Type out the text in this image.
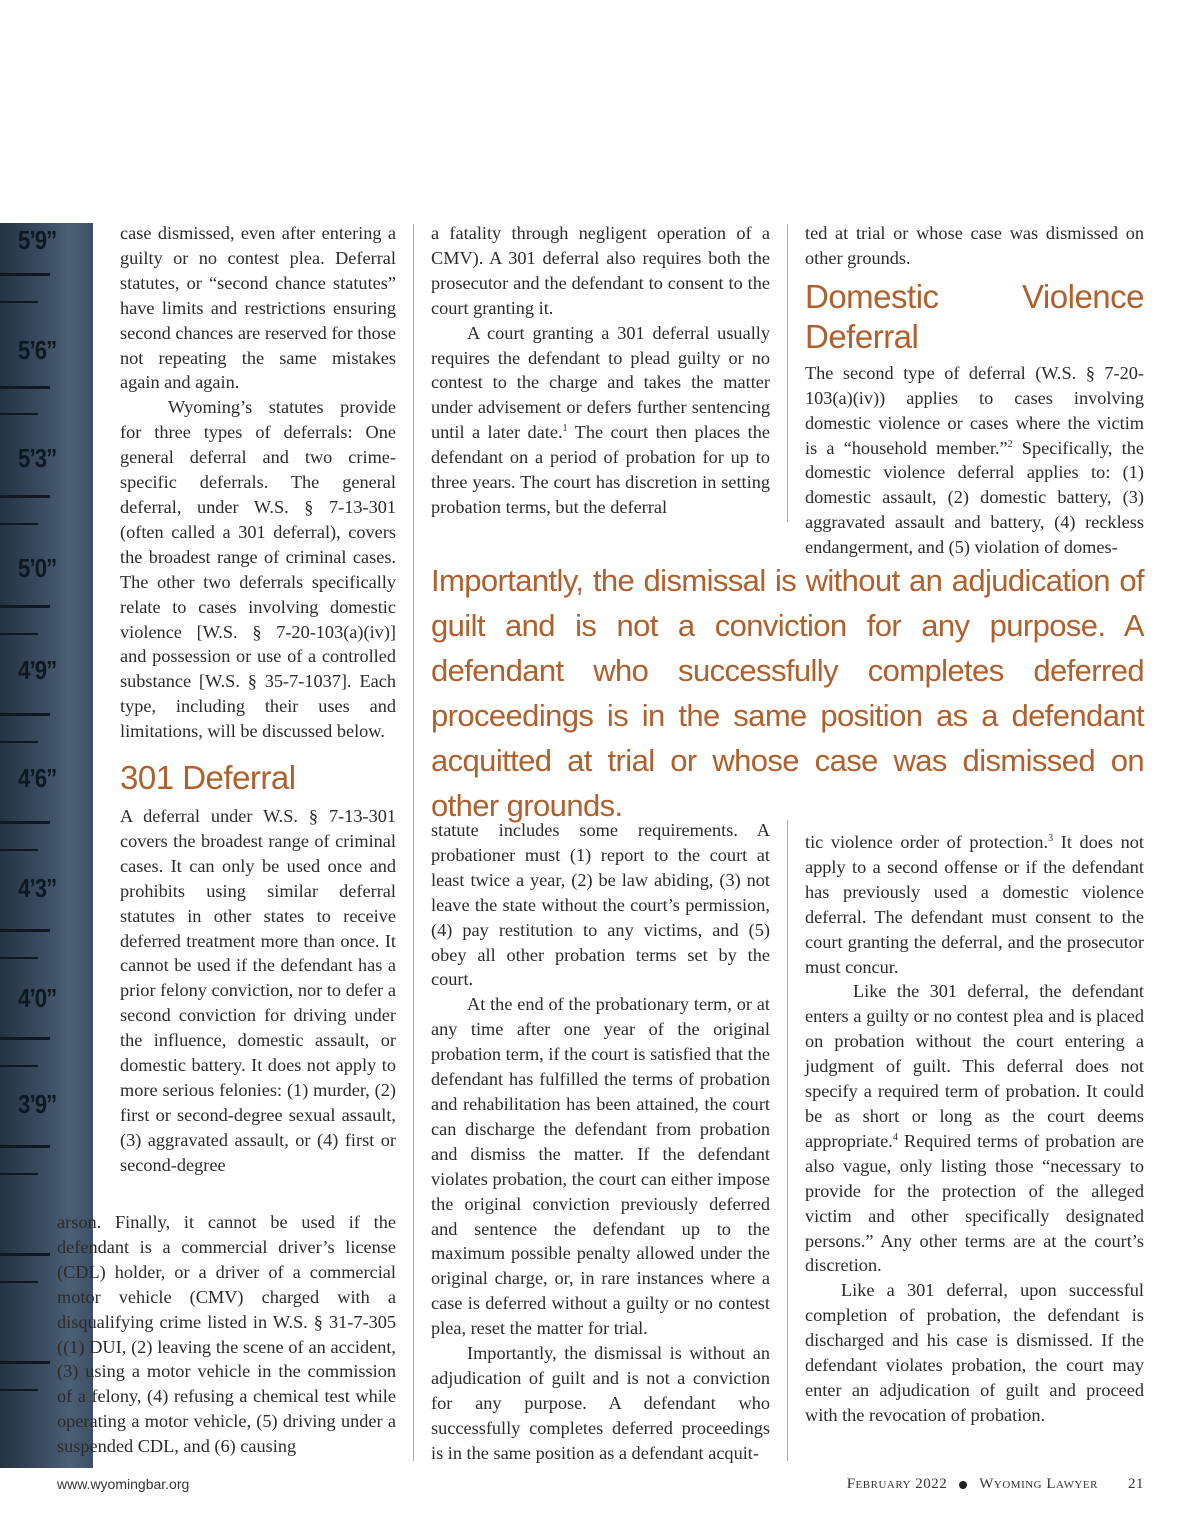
5’9”
5’6”
5’3”
5’0”
4’9”
4’6”
4’3”
4’0”
3’9”

case dismissed, even after entering a guilty or no contest plea. Deferral statutes, or “second chance statutes” have limits and restrictions ensuring second chances are reserved for those not repeating the same mistakes again and again.

Wyoming’s statutes provide for three types of deferrals: One general deferral and two crime-specific deferrals. The general deferral, under W.S. § 7-13-301 (often called a 301 deferral), covers the broadest range of criminal cases. The other two deferrals specifically relate to cases involving domestic violence [W.S. § 7-20-103(a)(iv)] and possession or use of a controlled substance [W.S. § 35-7-1037]. Each type, including their uses and limitations, will be discussed below.

301 Deferral

A deferral under W.S. § 7-13-301 covers the broadest range of criminal cases. It can only be used once and prohibits using similar deferral statutes in other states to receive deferred treatment more than once. It cannot be used if the defendant has a prior felony conviction, nor to defer a second conviction for driving under the influence, domestic assault, or domestic battery. It does not apply to more serious felonies: (1) murder, (2) first or second-degree sexual assault, (3) aggravated assault, or (4) first or second-degree

arson. Finally, it cannot be used if the defendant is a commercial driver’s license (CDL) holder, or a driver of a commercial motor vehicle (CMV) charged with a disqualifying crime listed in W.S. § 31-7-305 ((1) DUI, (2) leaving the scene of an accident, (3) using a motor vehicle in the commission of a felony, (4) refusing a chemical test while operating a motor vehicle, (5) driving under a suspended CDL, and (6) causing

a fatality through negligent operation of a CMV). A 301 deferral also requires both the prosecutor and the defendant to consent to the court granting it.

A court granting a 301 deferral usually requires the defendant to plead guilty or no contest to the charge and takes the matter under advisement or defers further sentencing until a later date.$^1$ The court then places the defendant on a period of probation for up to three years. The court has discretion in setting probation terms, but the deferral

ted at trial or whose case was dismissed on other grounds.

Domestic Violence Deferral

The second type of deferral (W.S. § 7-20-103(a)(iv)) applies to cases involving domestic violence or cases where the victim is a “household member.”$^2$ Specifically, the domestic violence deferral applies to: (1) domestic assault, (2) domestic battery, (3) aggravated assault and battery, (4) reckless endangerment, and (5) violation of domes-

Importantly, the dismissal is without an adjudication of guilt and is not a conviction for any purpose. A defendant who successfully completes deferred proceedings is in the same position as a defendant acquitted at trial or whose case was dismissed on other grounds.

statute includes some requirements. A probationer must (1) report to the court at least twice a year, (2) be law abiding, (3) not leave the state without the court’s permission, (4) pay restitution to any victims, and (5) obey all other probation terms set by the court.

At the end of the probationary term, or at any time after one year of the original probation term, if the court is satisfied that the defendant has fulfilled the terms of probation and rehabilitation has been attained, the court can discharge the defendant from probation and dismiss the matter. If the defendant violates probation, the court can either impose the original conviction previously deferred and sentence the defendant up to the maximum possible penalty allowed under the original charge, or, in rare instances where a case is deferred without a guilty or no contest plea, reset the matter for trial.

Importantly, the dismissal is without an adjudication of guilt and is not a conviction for any purpose. A defendant who successfully completes deferred proceedings is in the same position as a defendant acquit-

tic violence order of protection.$^3$ It does not apply to a second offense or if the defendant has previously used a domestic violence deferral. The defendant must consent to the court granting the deferral, and the prosecutor must concur.

Like the 301 deferral, the defendant enters a guilty or no contest plea and is placed on probation without the court entering a judgment of guilt. This deferral does not specify a required term of probation. It could be as short or long as the court deems appropriate.$^4$ Required terms of probation are also vague, only listing those “necessary to provide for the protection of the alleged victim and other specifically designated persons.” Any other terms are at the court’s discretion.

Like a 301 deferral, upon successful completion of probation, the defendant is discharged and his case is dismissed. If the defendant violates probation, the court may enter an adjudication of guilt and proceed with the revocation of probation.

www.wyomingbar.org	February 2022 Wyoming Lawyer 21
